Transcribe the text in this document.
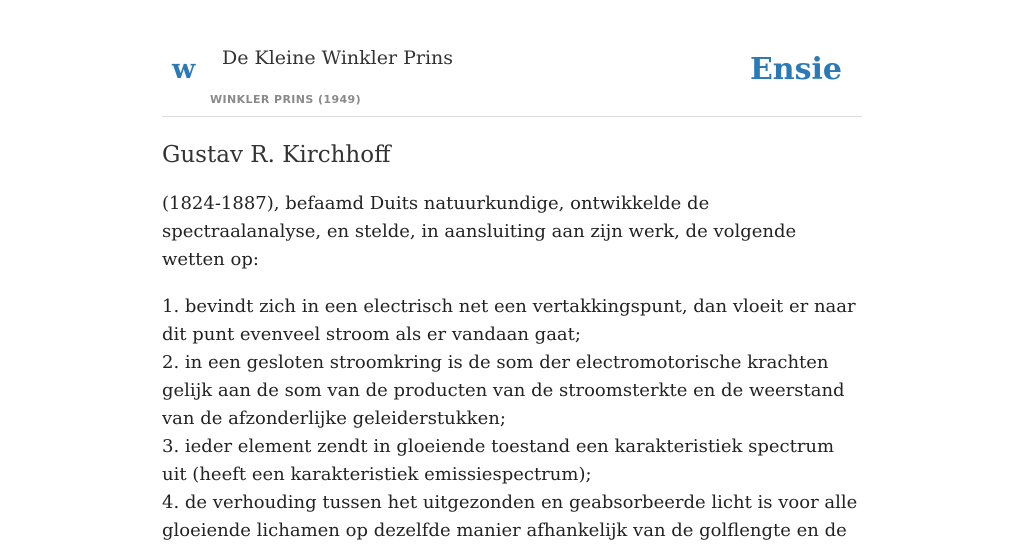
w De Kleine Winkler Prins
WINKLER PRINS (1949)
Ensie
Gustav R. Kirchhoff

(1824-1887), befaamd Duits natuurkundige, ontwikkelde de spectraalanalyse, en stelde, in aansluiting aan zijn werk, de volgende wetten op:

1. bevindt zich in een electrisch net een vertakkingspunt, dan vloeit er naar dit punt evenveel stroom als er vandaan gaat;
2. in een gesloten stroomkring is de som der electromotorische krachten gelijk aan de som van de producten van de stroomsterkte en de weerstand van de afzonderlijke geleiderstukken;
3. ieder element zendt in gloeiende toestand een karakteristiek spectrum uit (heeft een karakteristiek emissiespectrum);
4. de verhouding tussen het uitgezonden en geabsorbeerde licht is voor alle gloeiende lichamen op dezelfde manier afhankelijk van de golflengte en de
